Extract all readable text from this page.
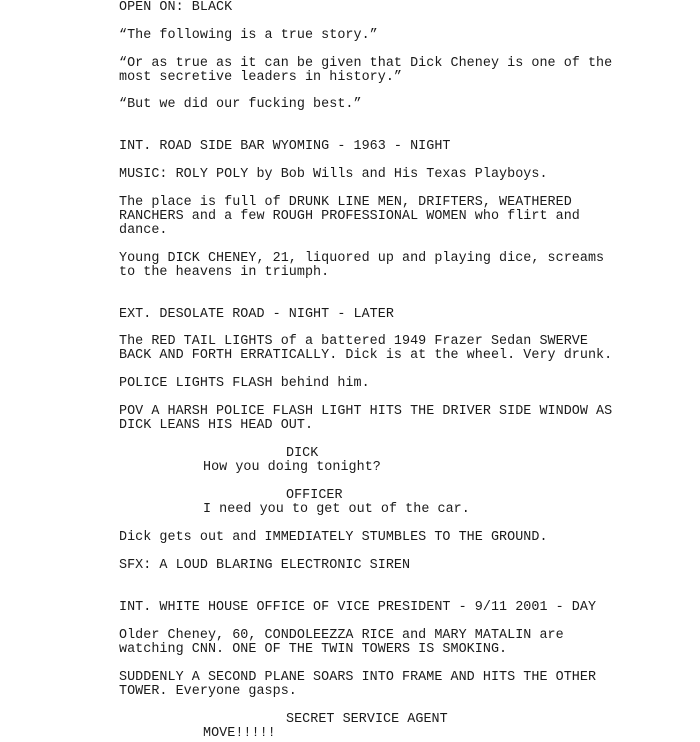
OPEN ON: BLACK
“The following is a true story.”
“Or as true as it can be given that Dick Cheney is one of the
most secretive leaders in history.”
“But we did our fucking best.”
INT. ROAD SIDE BAR WYOMING - 1963 - NIGHT
MUSIC: ROLY POLY by Bob Wills and His Texas Playboys.
The place is full of DRUNK LINE MEN, DRIFTERS, WEATHERED
RANCHERS and a few ROUGH PROFESSIONAL WOMEN who flirt and
dance.
Young DICK CHENEY, 21, liquored up and playing dice, screams
to the heavens in triumph.
EXT. DESOLATE ROAD - NIGHT - LATER
The RED TAIL LIGHTS of a battered 1949 Frazer Sedan SWERVE
BACK AND FORTH ERRATICALLY. Dick is at the wheel. Very drunk.
POLICE LIGHTS FLASH behind him.
POV A HARSH POLICE FLASH LIGHT HITS THE DRIVER SIDE WINDOW AS
DICK LEANS HIS HEAD OUT.
DICK
How you doing tonight?
OFFICER
I need you to get out of the car.
Dick gets out and IMMEDIATELY STUMBLES TO THE GROUND.
SFX: A LOUD BLARING ELECTRONIC SIREN
INT. WHITE HOUSE OFFICE OF VICE PRESIDENT - 9/11 2001 - DAY
Older Cheney, 60, CONDOLEEZZA RICE and MARY MATALIN are
watching CNN. ONE OF THE TWIN TOWERS IS SMOKING.
SUDDENLY A SECOND PLANE SOARS INTO FRAME AND HITS THE OTHER
TOWER. Everyone gasps.
SECRET SERVICE AGENT
MOVE!!!!!
